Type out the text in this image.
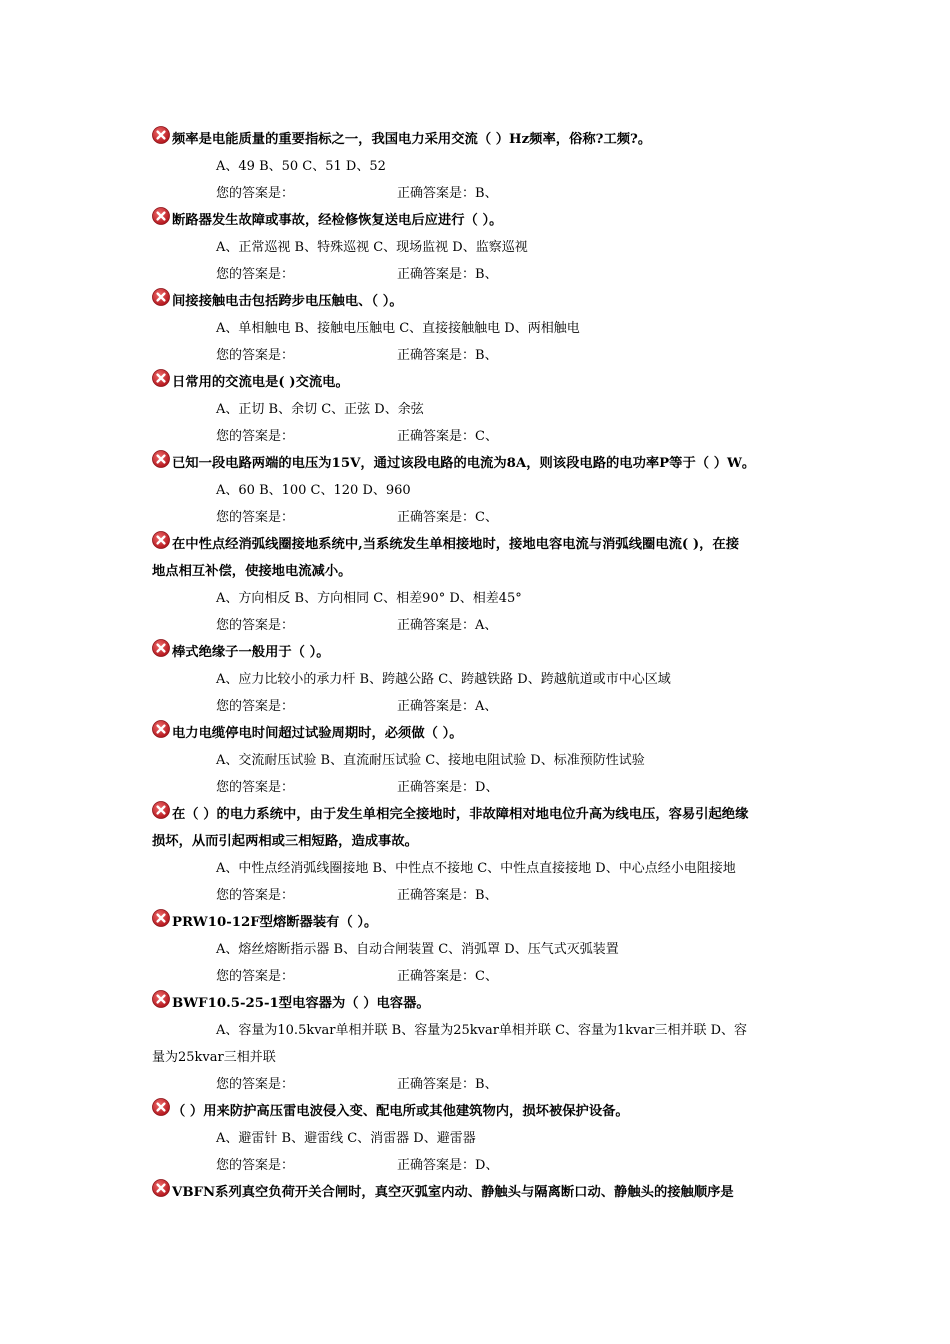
频率是电能质量的重要指标之一，我国电力采用交流（ ）Hz频率，俗称?工频?。
A、49 B、50 C、51 D、52
您的答案是：	正确答案是：B、
断路器发生故障或事故，经检修恢复送电后应进行（ ）。
A、正常巡视 B、特殊巡视 C、现场监视 D、监察巡视
您的答案是：	正确答案是：B、
间接接触电击包括跨步电压触电、（ ）。
A、单相触电 B、接触电压触电 C、直接接触触电 D、两相触电
您的答案是：	正确答案是：B、
日常用的交流电是( )交流电。
A、正切 B、余切 C、正弦 D、余弦
您的答案是：	正确答案是：C、
已知一段电路两端的电压为15V，通过该段电路的电流为8A，则该段电路的电功率P等于（ ）W。
A、60 B、100 C、120 D、960
您的答案是：	正确答案是：C、
在中性点经消弧线圈接地系统中,当系统发生单相接地时，接地电容电流与消弧线圈电流( )，在接
地点相互补偿，使接地电流减小。
A、方向相反 B、方向相同 C、相差90° D、相差45°
您的答案是：	正确答案是：A、
棒式绝缘子一般用于（ ）。
A、应力比较小的承力杆 B、跨越公路 C、跨越铁路 D、跨越航道或市中心区域
您的答案是：	正确答案是：A、
电力电缆停电时间超过试验周期时，必须做（ ）。
A、交流耐压试验 B、直流耐压试验 C、接地电阻试验 D、标准预防性试验
您的答案是：	正确答案是：D、
在（ ）的电力系统中，由于发生单相完全接地时，非故障相对地电位升高为线电压，容易引起绝缘
损坏，从而引起两相或三相短路，造成事故。
A、中性点经消弧线圈接地 B、中性点不接地 C、中性点直接接地 D、中心点经小电阻接地
您的答案是：	正确答案是：B、
PRW10-12F型熔断器装有（ ）。
A、熔丝熔断指示器 B、自动合闸装置 C、消弧罩 D、压气式灭弧装置
您的答案是：	正确答案是：C、
BWF10.5-25-1型电容器为（ ）电容器。
A、容量为10.5kvar单相并联 B、容量为25kvar单相并联 C、容量为1kvar三相并联 D、容
量为25kvar三相并联
您的答案是：	正确答案是：B、
（ ）用来防护高压雷电波侵入变、配电所或其他建筑物内，损坏被保护设备。
A、避雷针 B、避雷线 C、消雷器 D、避雷器
您的答案是：	正确答案是：D、
VBFN系列真空负荷开关合闸时，真空灭弧室内动、静触头与隔离断口动、静触头的接触顺序是
